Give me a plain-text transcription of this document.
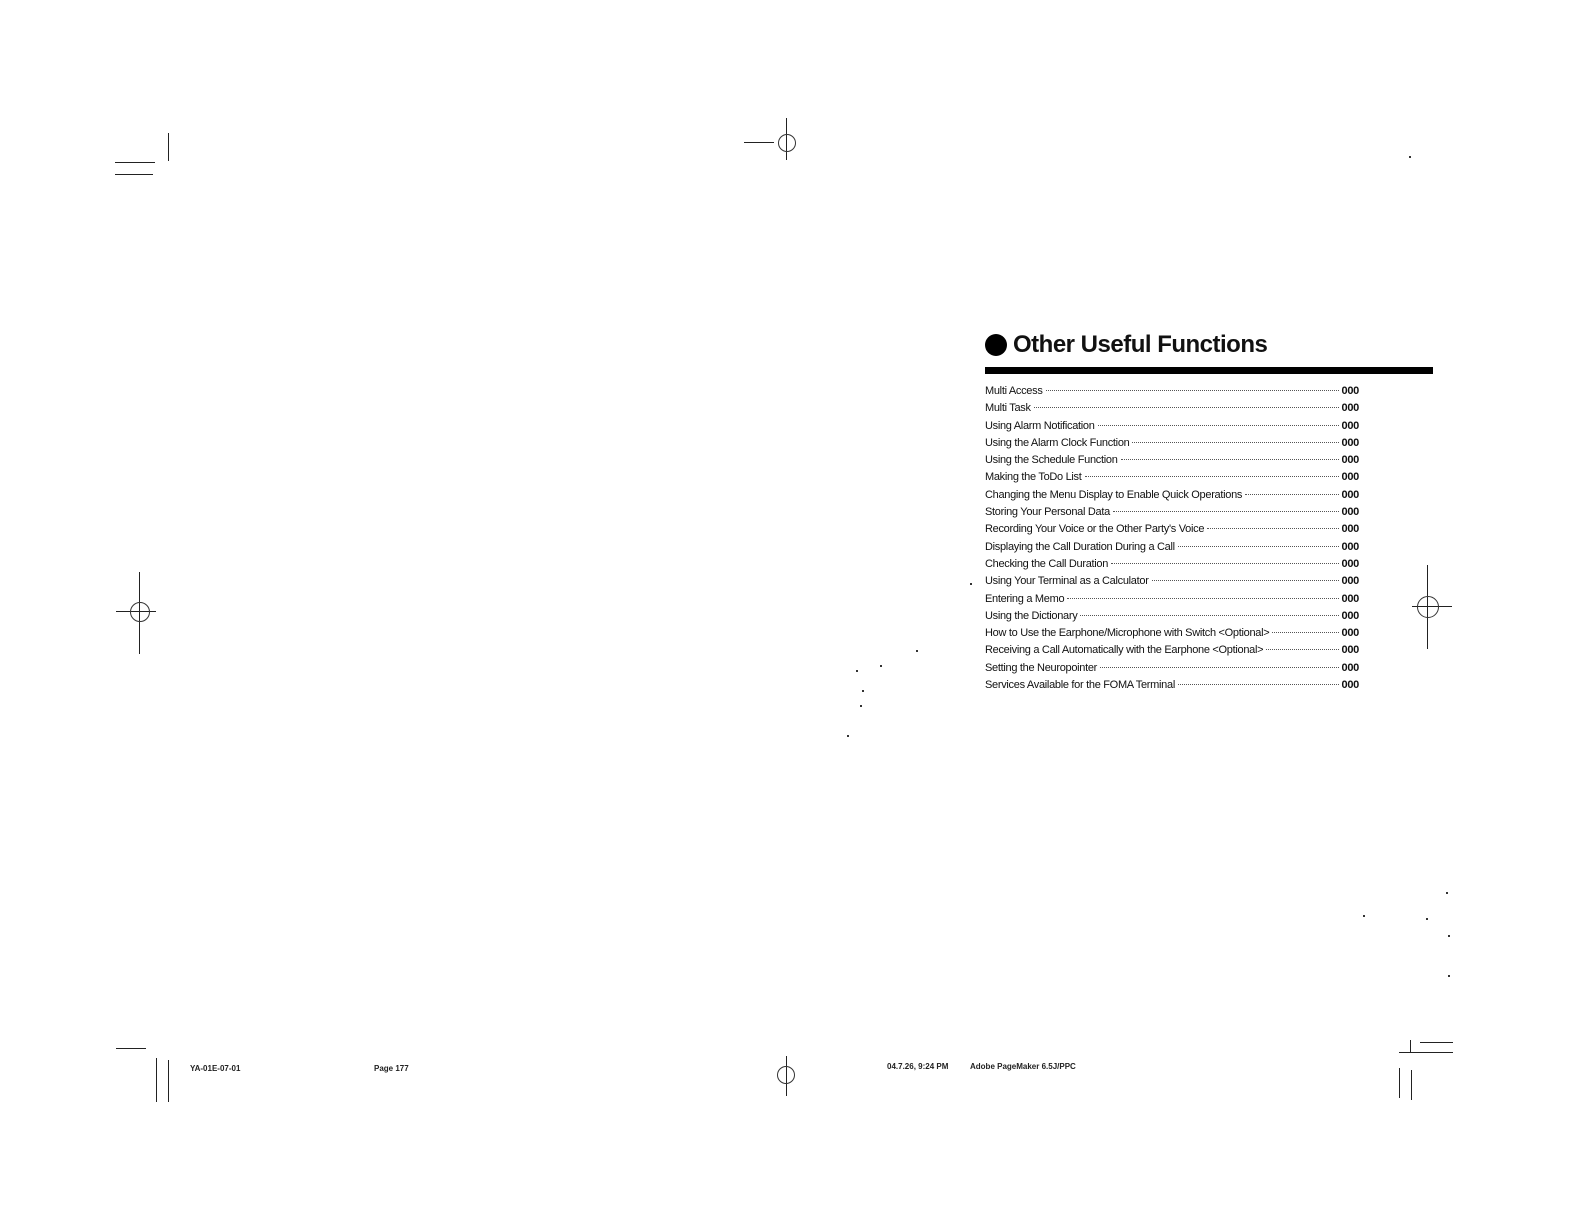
Other Useful Functions
Multi Access	000
Multi Task	000
Using Alarm Notification	000
Using the Alarm Clock Function	000
Using the Schedule Function	000
Making the ToDo List	000
Changing the Menu Display to Enable Quick Operations	000
Storing Your Personal Data	000
Recording Your Voice or the Other Party's Voice	000
Displaying the Call Duration During a Call	000
Checking the Call Duration	000
Using Your Terminal as a Calculator	000
Entering a Memo	000
Using the Dictionary	000
How to Use the Earphone/Microphone with Switch <Optional>	000
Receiving a Call Automatically with the Earphone <Optional>	000
Setting the Neuropointer	000
Services Available for the FOMA Terminal	000
YA-01E-07-01	Page 177	04.7.26, 9:24 PM	Adobe PageMaker 6.5J/PPC
